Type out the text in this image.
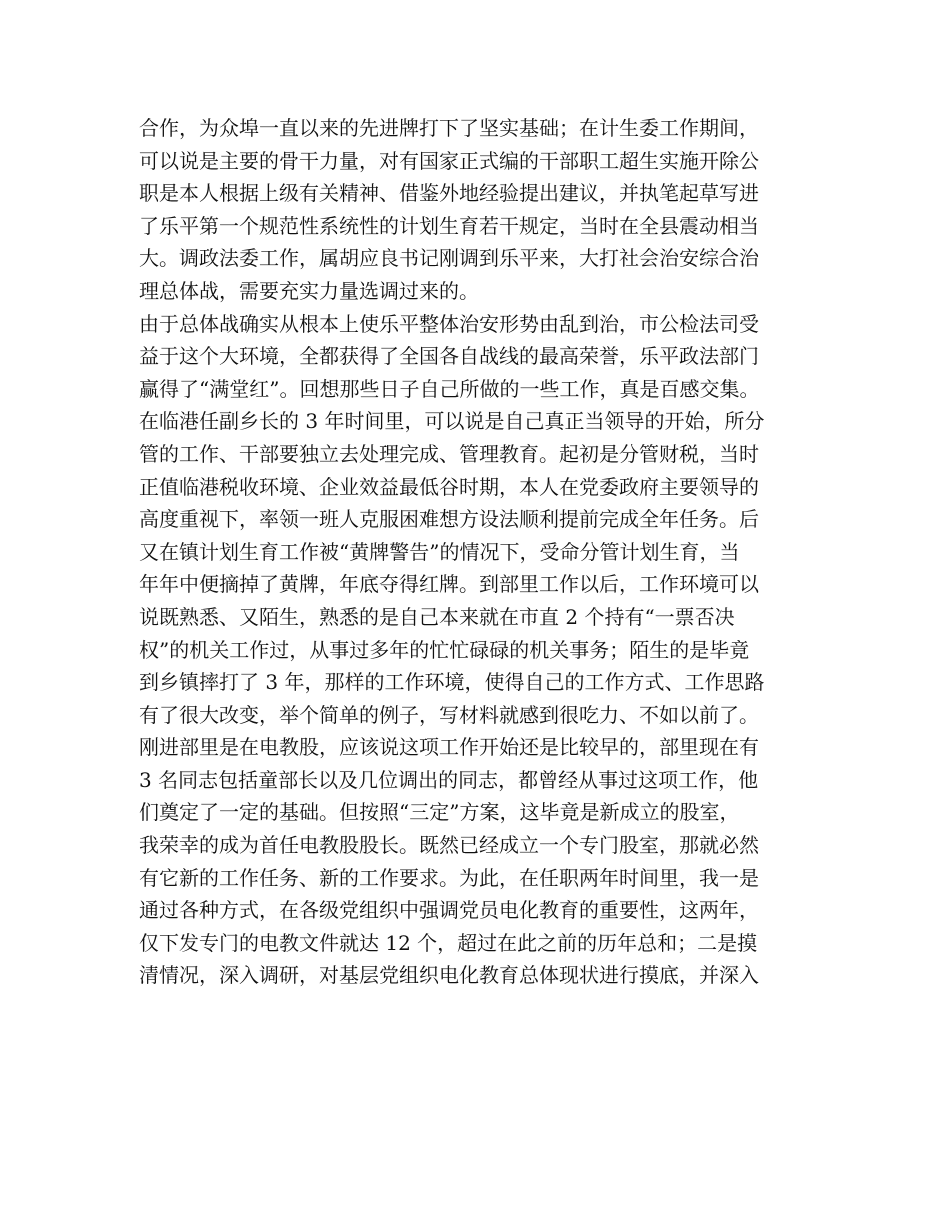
合作，为众埠一直以来的先进牌打下了坚实基础；在计生委工作期间，
可以说是主要的骨干力量，对有国家正式编的干部职工超生实施开除公
职是本人根据上级有关精神、借鉴外地经验提出建议，并执笔起草写进
了乐平第一个规范性系统性的计划生育若干规定，当时在全县震动相当
大。调政法委工作，属胡应良书记刚调到乐平来，大打社会治安综合治
理总体战，需要充实力量选调过来的。
由于总体战确实从根本上使乐平整体治安形势由乱到治，市公检法司受
益于这个大环境，全都获得了全国各自战线的最高荣誉，乐平政法部门
赢得了“满堂红”。回想那些日子自己所做的一些工作，真是百感交集。
在临港任副乡长的 3 年时间里，可以说是自己真正当领导的开始，所分
管的工作、干部要独立去处理完成、管理教育。起初是分管财税，当时
正值临港税收环境、企业效益最低谷时期，本人在党委政府主要领导的
高度重视下，率领一班人克服困难想方设法顺利提前完成全年任务。后
又在镇计划生育工作被“黄牌警告”的情况下，受命分管计划生育，当
年年中便摘掉了黄牌，年底夺得红牌。到部里工作以后，工作环境可以
说既熟悉、又陌生，熟悉的是自己本来就在市直 2 个持有“一票否决
权”的机关工作过，从事过多年的忙忙碌碌的机关事务；陌生的是毕竟
到乡镇摔打了 3 年，那样的工作环境，使得自己的工作方式、工作思路
有了很大改变，举个简单的例子，写材料就感到很吃力、不如以前了。
刚进部里是在电教股，应该说这项工作开始还是比较早的，部里现在有
3 名同志包括童部长以及几位调出的同志，都曾经从事过这项工作，他
们奠定了一定的基础。但按照“三定”方案，这毕竟是新成立的股室，
我荣幸的成为首任电教股股长。既然已经成立一个专门股室，那就必然
有它新的工作任务、新的工作要求。为此，在任职两年时间里，我一是
通过各种方式，在各级党组织中强调党员电化教育的重要性，这两年，
仅下发专门的电教文件就达 12 个，超过在此之前的历年总和；二是摸
清情况，深入调研，对基层党组织电化教育总体现状进行摸底，并深入
